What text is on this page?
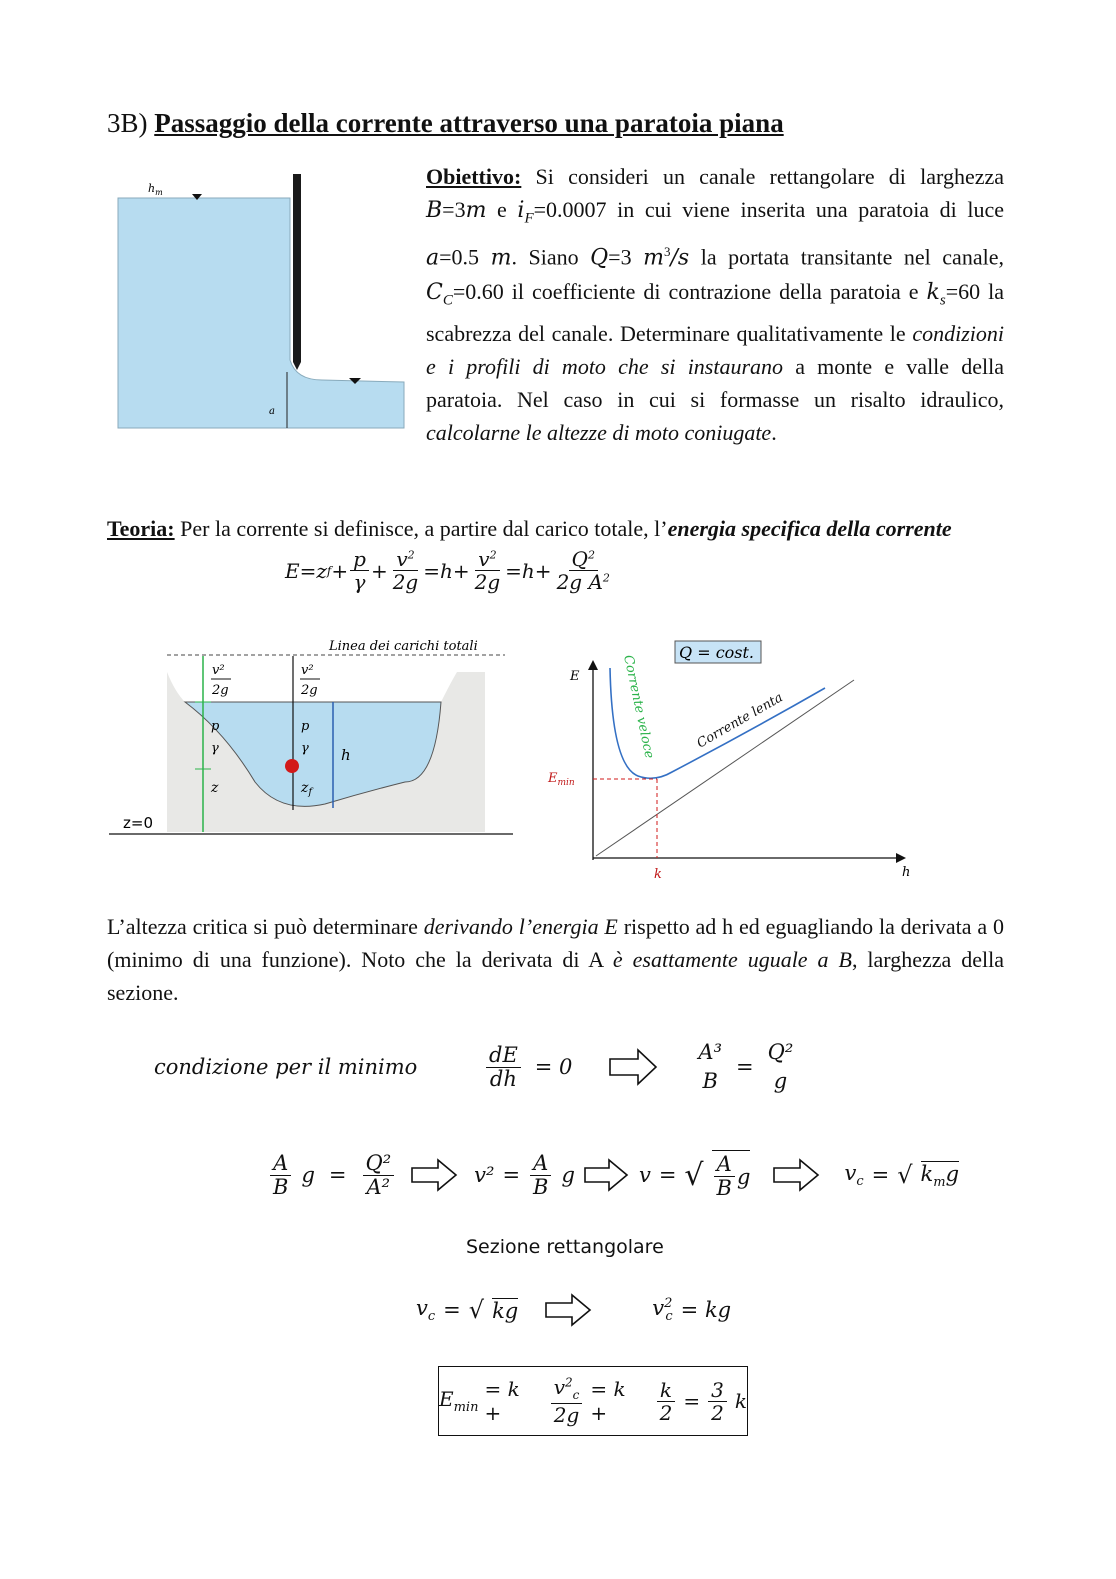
3B) Passaggio della corrente attraverso una paratoia piana
$h_m$
a
Obiettivo: Si consideri un canale rettangolare di larghezza B=3m e $i_F=0.0007$ in cui viene inserita una paratoia di luce a=0.5 m. Siano Q=3 $m^3/s$ la portata transitante nel canale, $C_C=0.60$ il coefficiente di contrazione della paratoia e $k_s=60$ la scabrezza del canale. Determinare qualitativamente le condizioni e i profili di moto che si instaurano a monte e valle della paratoia. Nel caso in cui si formasse un risalto idraulico, calcolarne le altezze di moto coniugate.
Teoria: Per la corrente si definisce, a partire dal carico totale, l’energia specifica della corrente
E=z $f + \frac{p}{\gamma} + \frac{v^2}{2g} =h+ \frac{v^2}{2g} =h+ \frac{Q^2}{2g A^2}$
Linea dei carichi totali
v²
2g
p
γ
z
v²
2g
p
γ h
$z_f$
z=0
Q = cost.
E
h
$E_{min}$
k
Corrente veloce	Corrente lenta
L’altezza critica si può determinare derivando l’energia E rispetto ad h ed eguagliando la derivata a 0 (minimo di una funzione). Noto che la derivata di A è esattamente uguale a B, larghezza della sezione.
condizione per il minimo	$\frac{dE}{dh} = 0$
A³
B
=
Q²
g
$\frac{A}{B}$ $g = \frac{\text{Q²}}{\text{A²}}$	$v^2 = \frac{A}{B}$ g	v = √ $\frac{A}{B}$ g	$v_c$ = √ $k_mg$
Sezione rettangolare
$v_c$ = √ kg	$v^2_c$ = kg
$E_{min}$
= k +	$\frac{v^2_c}{2g} = k$ +	$\frac{k}{2} = \frac{3}{2}$ k
